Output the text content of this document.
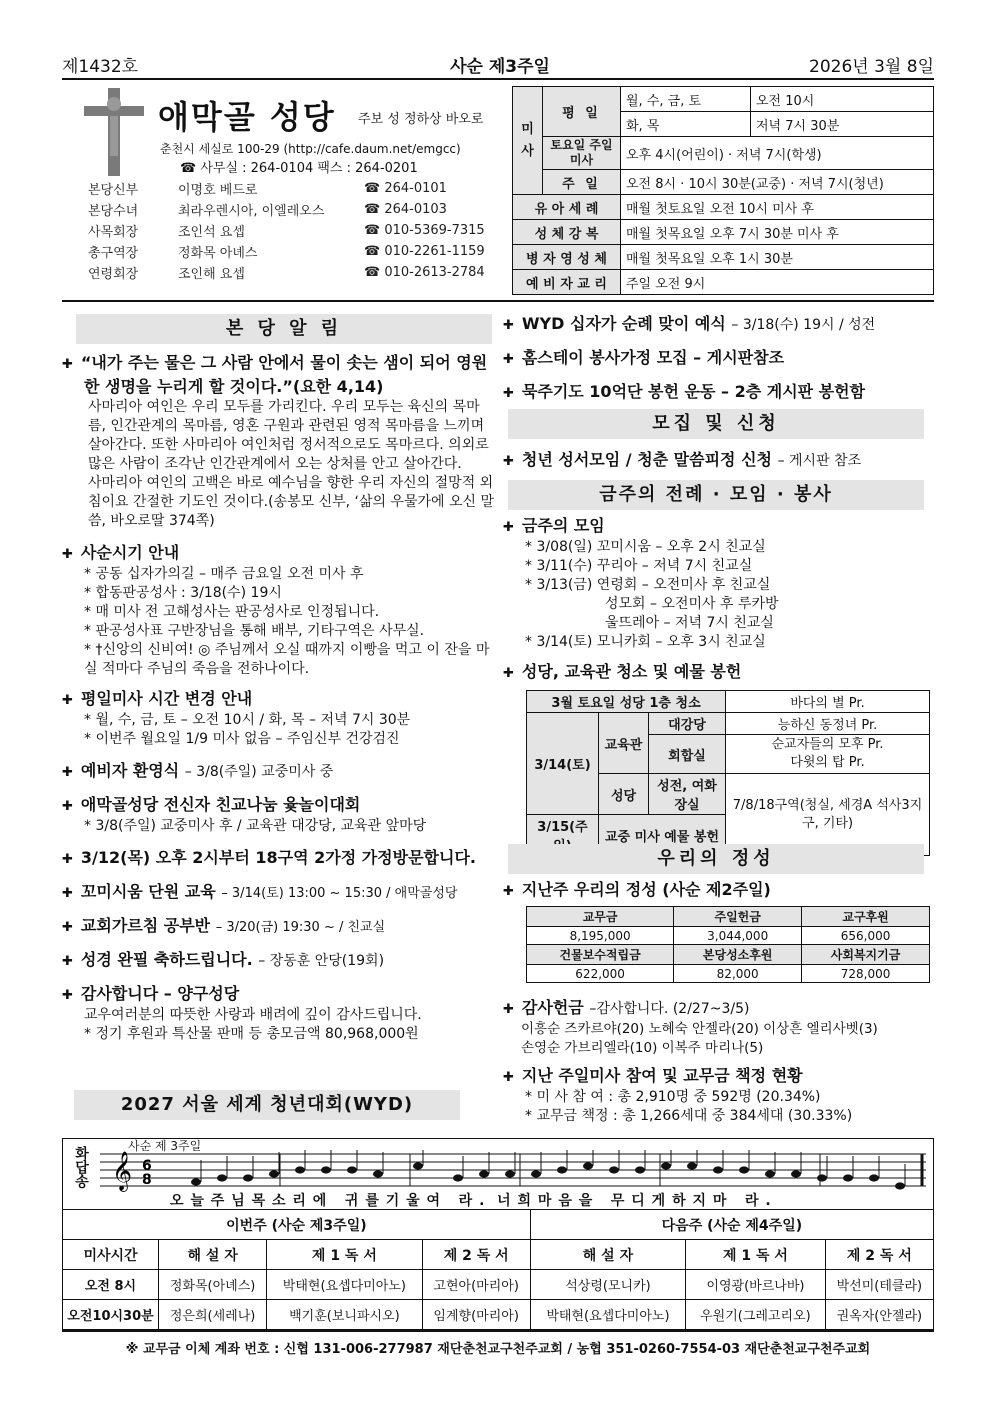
제1432호	사순 제3주일	2026년 3월 8일
애막골 성당 주보 성 정하상 바오로
춘천시 세실로 100-29 (http://cafe.daum.net/emgcc)
☎ 사무실 : 264-0104 팩스 : 264-0201
본당신부	이명호 베드로	☎ 264-0101
본당수녀	최라우렌시아, 이엘레오스	☎ 264-0103
사목회장	조인석 요셉	☎ 010-5369-7315
총구역장	정화목 아녜스	☎ 010-2261-1159
연령회장	조인해 요셉	☎ 010-2613-2784
미
사	평 일	월, 수, 금, 토	오전 10시
		화, 목	저녁 7시 30분
	토요일 주일미사	오후 4시(어린이) · 저녁 7시(학생)	
	주 일	오전 8시 · 10시 30분(교중) · 저녁 7시(청년)	
유 아 세 례		매월 첫토요일 오전 10시 미사 후	
성 체 강 복		매월 첫목요일 오후 7시 30분 미사 후	
병 자 영 성 체		매월 첫목요일 오후 1시 30분	
예 비 자 교 리		주일 오전 9시	
본 당 알 림
✚ “내가 주는 물은 그 사람 안에서 물이 솟는 샘이 되어 영원한 생명을 누리게 할 것이다.”(요한 4,14)
사마리아 여인은 우리 모두를 가리킨다. 우리 모두는 육신의 목마름, 인간관계의 목마름, 영혼 구원과 관련된 영적 목마름을 느끼며 살아간다. 또한 사마리아 여인처럼 정서적으로도 목마르다. 의외로 많은 사람이 조각난 인간관계에서 오는 상처를 안고 살아간다.
사마리아 여인의 고백은 바로 예수님을 향한 우리 자신의 절망적 외침이요 간절한 기도인 것이다.(송봉모 신부, ‘삶의 우물가에 오신 말씀, 바오로딸 374쪽)
✚ 사순시기 안내
* 공동 십자가의길 – 매주 금요일 오전 미사 후
* 합동판공성사 : 3/18(수) 19시
* 매 미사 전 고해성사는 판공성사로 인정됩니다.
* 판공성사표 구반장님을 통해 배부, 기타구역은 사무실.
* †신앙의 신비여! ◎ 주님께서 오실 때까지 이빵을 먹고 이 잔을 마실 적마다 주님의 죽음을 전하나이다.
✚ 평일미사 시간 변경 안내
* 월, 수, 금, 토 – 오전 10시 / 화, 목 – 저녁 7시 30분
* 이번주 월요일 1/9 미사 없음 – 주임신부 건강검진
✚ 예비자 환영식 – 3/8(주일) 교중미사 중
✚ 애막골성당 전신자 친교나눔 윷놀이대회
* 3/8(주일) 교중미사 후 / 교육관 대강당, 교육관 앞마당
✚ 3/12(목) 오후 2시부터 18구역 2가정 가정방문합니다.
✚ 꼬미시움 단원 교육 – 3/14(토) 13:00 ~ 15:30 / 애막골성당
✚ 교회가르침 공부반 – 3/20(금) 19:30 ~ / 친교실
✚ 성경 완필 축하드립니다. – 장동훈 안당(19회)
✚ 감사합니다 – 양구성당
교우여러분의 따뜻한 사랑과 배려에 깊이 감사드립니다.
* 정기 후원과 특산물 판매 등 총모금액 80,968,000원
2027 서울 세계 청년대회(WYD)
✚ WYD 십자가 순례 맞이 예식 – 3/18(수) 19시 / 성전
✚ 홈스테이 봉사가정 모집 – 게시판참조
✚ 묵주기도 10억단 봉헌 운동 – 2층 게시판 봉헌함
모집 및 신청
✚ 청년 성서모임 / 청춘 말씀피정 신청 – 게시판 참조
금주의 전례 · 모임 · 봉사
✚ 금주의 모임
* 3/08(일) 꼬미시움 – 오후 2시 친교실
* 3/11(수) 꾸리아 – 저녁 7시 친교실
* 3/13(금) 연령회 – 오전미사 후 친교실
성모회 – 오전미사 후 루카방
울뜨레아 – 저녁 7시 친교실
* 3/14(토) 모니카회 – 오후 3시 친교실
✚ 성당, 교육관 청소 및 예물 봉헌
3월 토요일 성당 1층 청소			바다의 별 Pr.
3/14(토)	교육관	대강당	능하신 동정녀 Pr.
		회합실	순교자들의 모후 Pr.
다윗의 탑 Pr.
	성당	성전, 여화장실	7/8/18구역(청실, 세경A 석사3지구, 기타)
3/15(주	교중 미사 예물 봉헌		
우리의 정성
✚ 지난주 우리의 정성 (사순 제2주일)
교무금	주일헌금	교구후원
8,195,000	3,044,000	656,000
건물보수적립금	본당성소후원	사회복지기금
622,000	82,000	728,000
✚ 감사헌금 –감사합니다. (2/27~3/5)
이흥순 즈카르야(20) 노혜숙 안젤라(20) 이상흔 엘리사벳(3)
손영순 가브리엘라(10) 이복주 마리나(5)
✚ 지난 주일미사 참여 및 교무금 책정 현황
* 미 사 참 여 : 총 2,910명 중 592명 (20.34%)
* 교무금 책정 : 총 1,266세대 중 384세대 (30.33%)
화답송	사순 제 3주일
𝄞 6
8
오 늘 주 님 목 소 리 에   귀 를 기 울 여   라 .  너 희 마 음 을   무 디 게 하 지 마   라 .
이번주 (사순 제3주일)				다음주 (사순 제4주일)		
미사시간	해 설 자	제 1 독 서	제 2 독 서	해 설 자	제 1 독 서	제 2 독 서
오전 8시	정화목(아녜스)	박태현(요셉다미아노)	고현아(마리아)	석상령(모니카)	이영광(바르나바)	박선미(테클라)
오전10시30분	정은희(세레나)	백기훈(보니파시오)	임계향(마리아)	박태현(요셉다미아노)	우원기(그레고리오)	권옥자(안젤라)
※ 교무금 이체 계좌 번호 : 신협 131-006-277987 재단춘천교구천주교회 / 농협 351-0260-7554-03 재단춘천교구천주교회
